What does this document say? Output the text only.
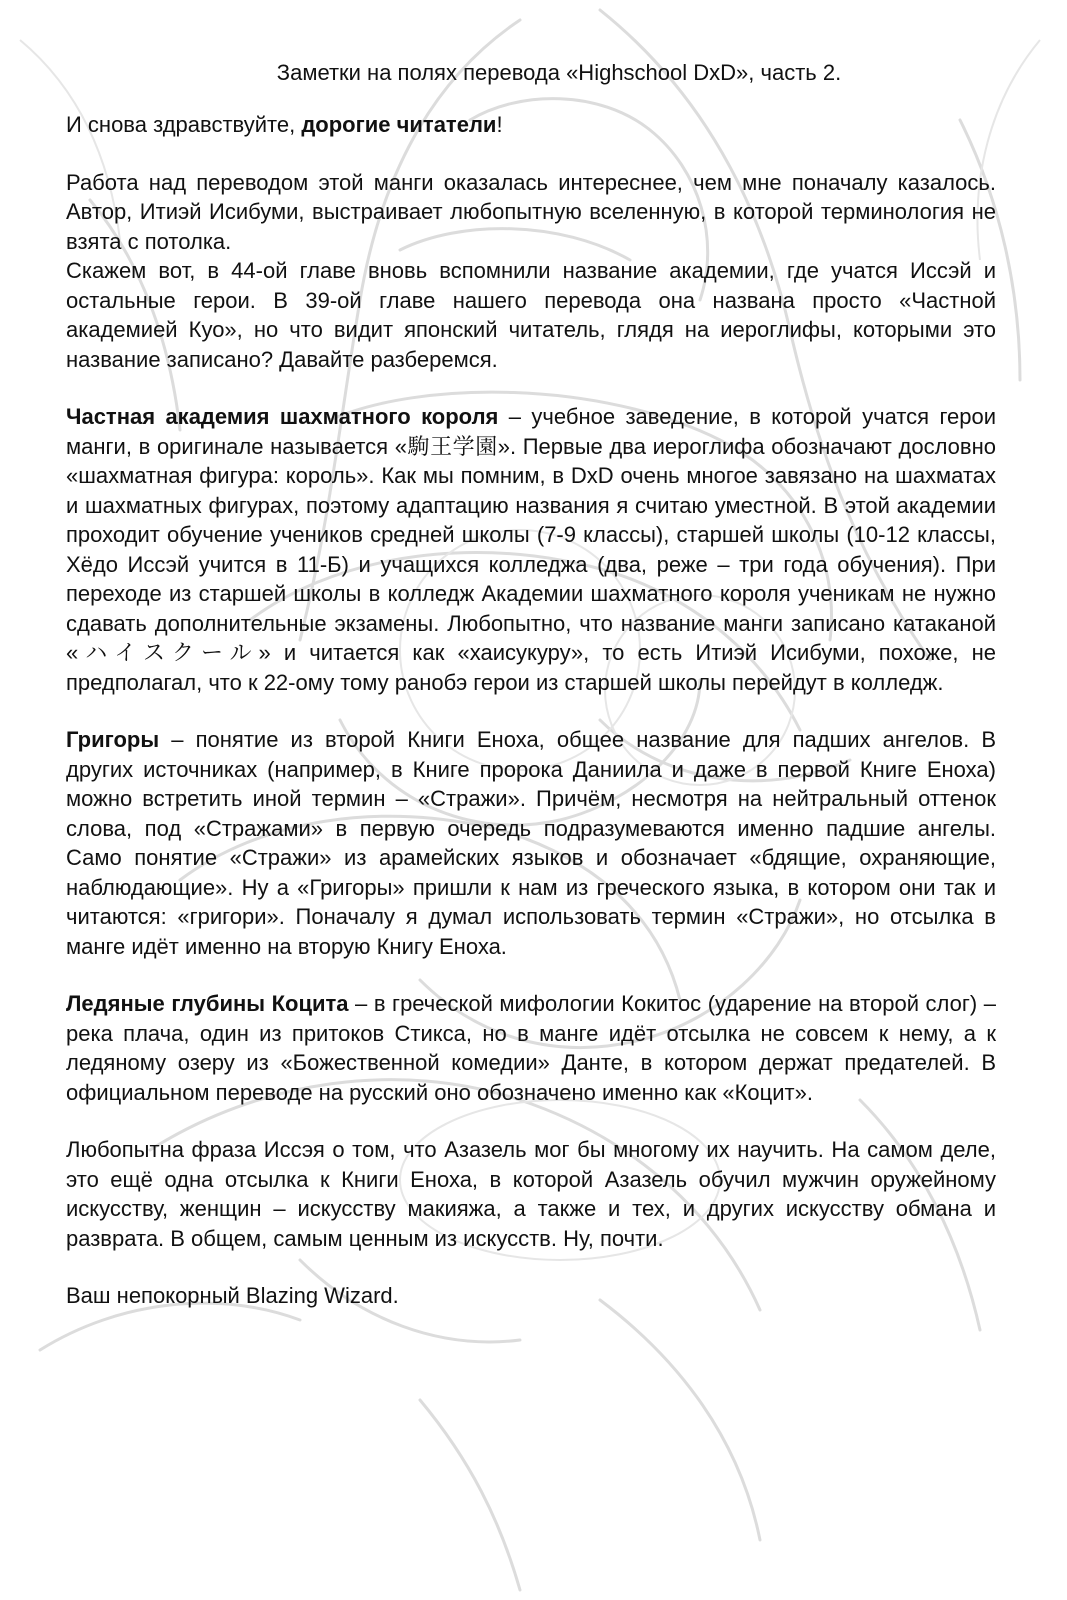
Заметки на полях перевода «Highschool DxD», часть 2.

И снова здравствуйте, дорогие читатели!

Работа над переводом этой манги оказалась интереснее, чем мне поначалу казалось. Автор, Итиэй Исибуми, выстраивает любопытную вселенную, в которой терминология не взята с потолка.

Скажем вот, в 44-ой главе вновь вспомнили название академии, где учатся Иссэй и остальные герои. В 39-ой главе нашего перевода она названа просто «Частной академией Куо», но что видит японский читатель, глядя на иероглифы, которыми это название записано? Давайте разберемся.

Частная академия шахматного короля – учебное заведение, в которой учатся герои манги, в оригинале называется «駒王学園». Первые два иероглифа обозначают дословно «шахматная фигура: король». Как мы помним, в DxD очень многое завязано на шахматах и шахматных фигурах, поэтому адаптацию названия я считаю уместной. В этой академии проходит обучение учеников средней школы (7-9 классы), старшей школы (10-12 классы, Хёдо Иссэй учится в 11-Б) и учащихся колледжа (два, реже – три года обучения). При переходе из старшей школы в колледж Академии шахматного короля ученикам не нужно сдавать дополнительные экзамены. Любопытно, что название манги записано катаканой «ハイスクール» и читается как «хаисукуру», то есть Итиэй Исибуми, похоже, не предполагал, что к 22-ому тому ранобэ герои из старшей школы перейдут в колледж.

Григоры – понятие из второй Книги Еноха, общее название для падших ангелов. В других источниках (например, в Книге пророка Даниила и даже в первой Книге Еноха) можно встретить иной термин – «Стражи». Причём, несмотря на нейтральный оттенок слова, под «Стражами» в первую очередь подразумеваются именно падшие ангелы. Само понятие «Стражи» из арамейских языков и обозначает «бдящие, охраняющие, наблюдающие». Ну а «Григоры» пришли к нам из греческого языка, в котором они так и читаются: «григори». Поначалу я думал использовать термин «Стражи», но отсылка в манге идёт именно на вторую Книгу Еноха.

Ледяные глубины Коцита – в греческой мифологии Кокитос (ударение на второй слог) – река плача, один из притоков Стикса, но в манге идёт отсылка не совсем к нему, а к ледяному озеру из «Божественной комедии» Данте, в котором держат предателей. В официальном переводе на русский оно обозначено именно как «Коцит».

Любопытна фраза Иссэя о том, что Азазель мог бы многому их научить. На самом деле, это ещё одна отсылка к Книги Еноха, в которой Азазель обучил мужчин оружейному искусству, женщин – искусству макияжа, а также и тех, и других искусству обмана и разврата. В общем, самым ценным из искусств. Ну, почти.

Ваш непокорный Blazing Wizard.
